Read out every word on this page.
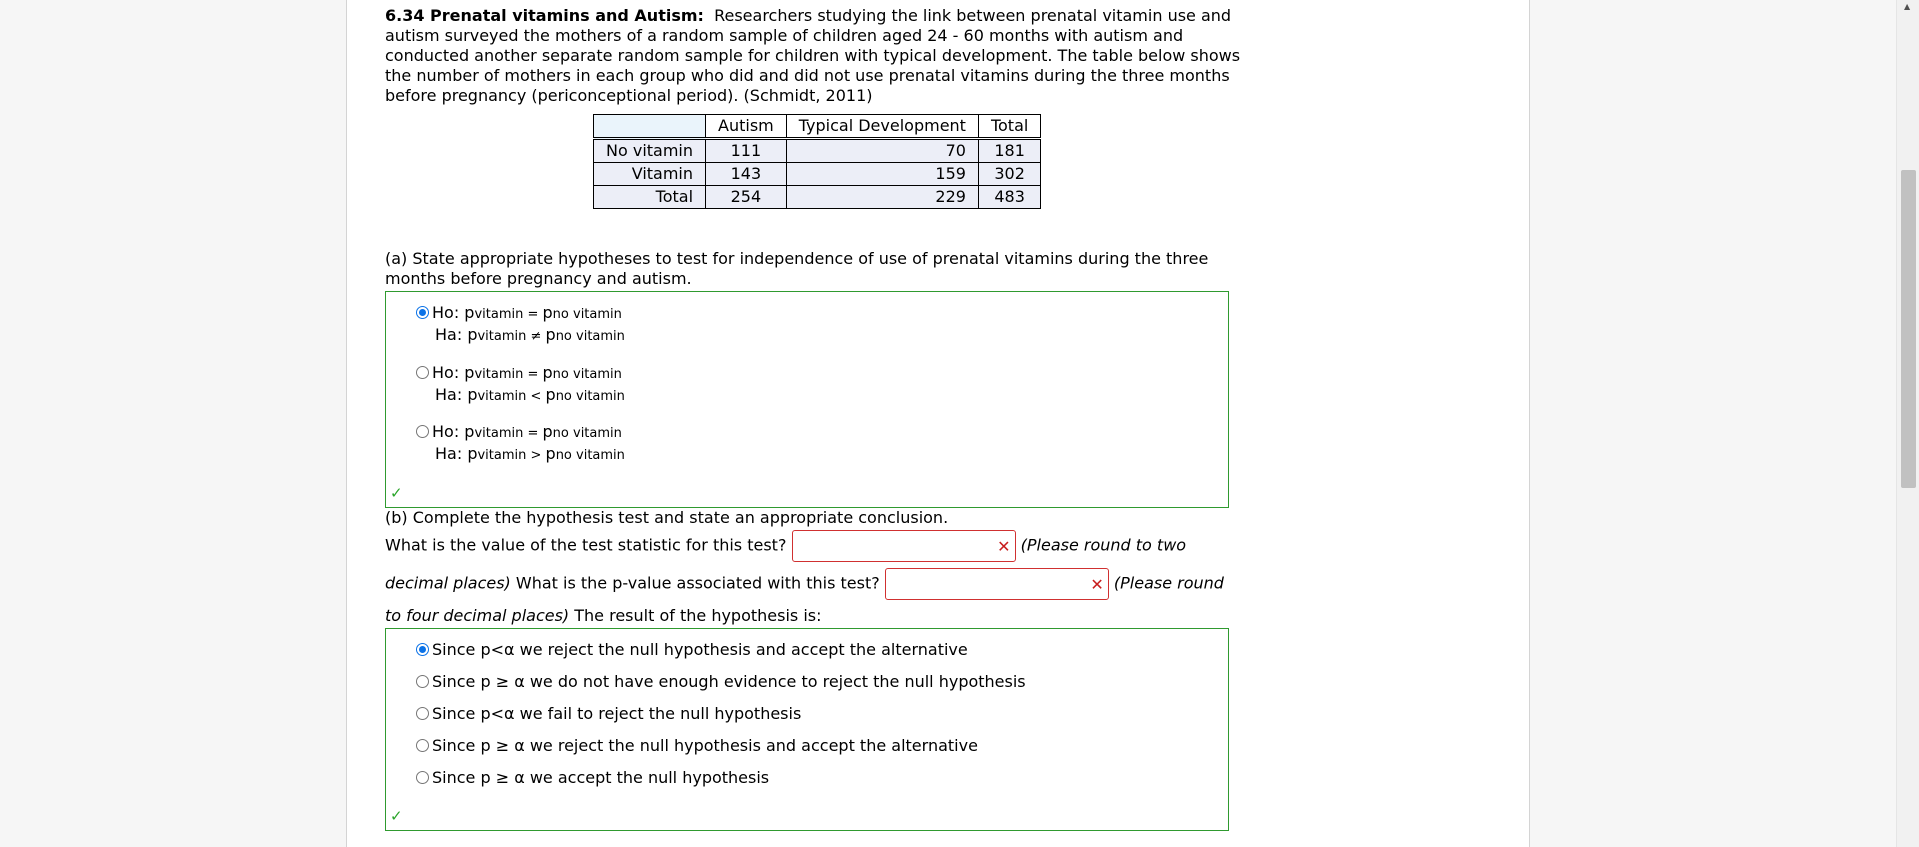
6.34 Prenatal vitamins and Autism: Researchers studying the link between prenatal vitamin use and autism surveyed the mothers of a random sample of children aged 24 - 60 months with autism and conducted another separate random sample for children with typical development. The table below shows the number of mothers in each group who did and did not use prenatal vitamins during the three months before pregnancy (periconceptional period). (Schmidt, 2011)

	Autism	Typical Development	Total
No vitamin	111	70	181
Vitamin	143	159	302
Total	254	229	483
(a) State appropriate hypotheses to test for independence of use of prenatal vitamins during the three months before pregnancy and autism.
Ho: pvitamin = pno vitamin
Ha: pvitamin ≠ pno vitamin
Ho: pvitamin = pno vitamin
Ha: pvitamin < pno vitamin
Ho: pvitamin = pno vitamin
Ha: pvitamin > pno vitamin
✓
(b) Complete the hypothesis test and state an appropriate conclusion.
What is the value of the test statistic for this test?	✕ (Please round to two
decimal places) What is the p-value associated with this test?	✕ (Please round
to four decimal places) The result of the hypothesis is:
Since p<α we reject the null hypothesis and accept the alternative
Since p ≥ α we do not have enough evidence to reject the null hypothesis
Since p<α we fail to reject the null hypothesis
Since p ≥ α we reject the null hypothesis and accept the alternative
Since p ≥ α we accept the null hypothesis
✓
▲
